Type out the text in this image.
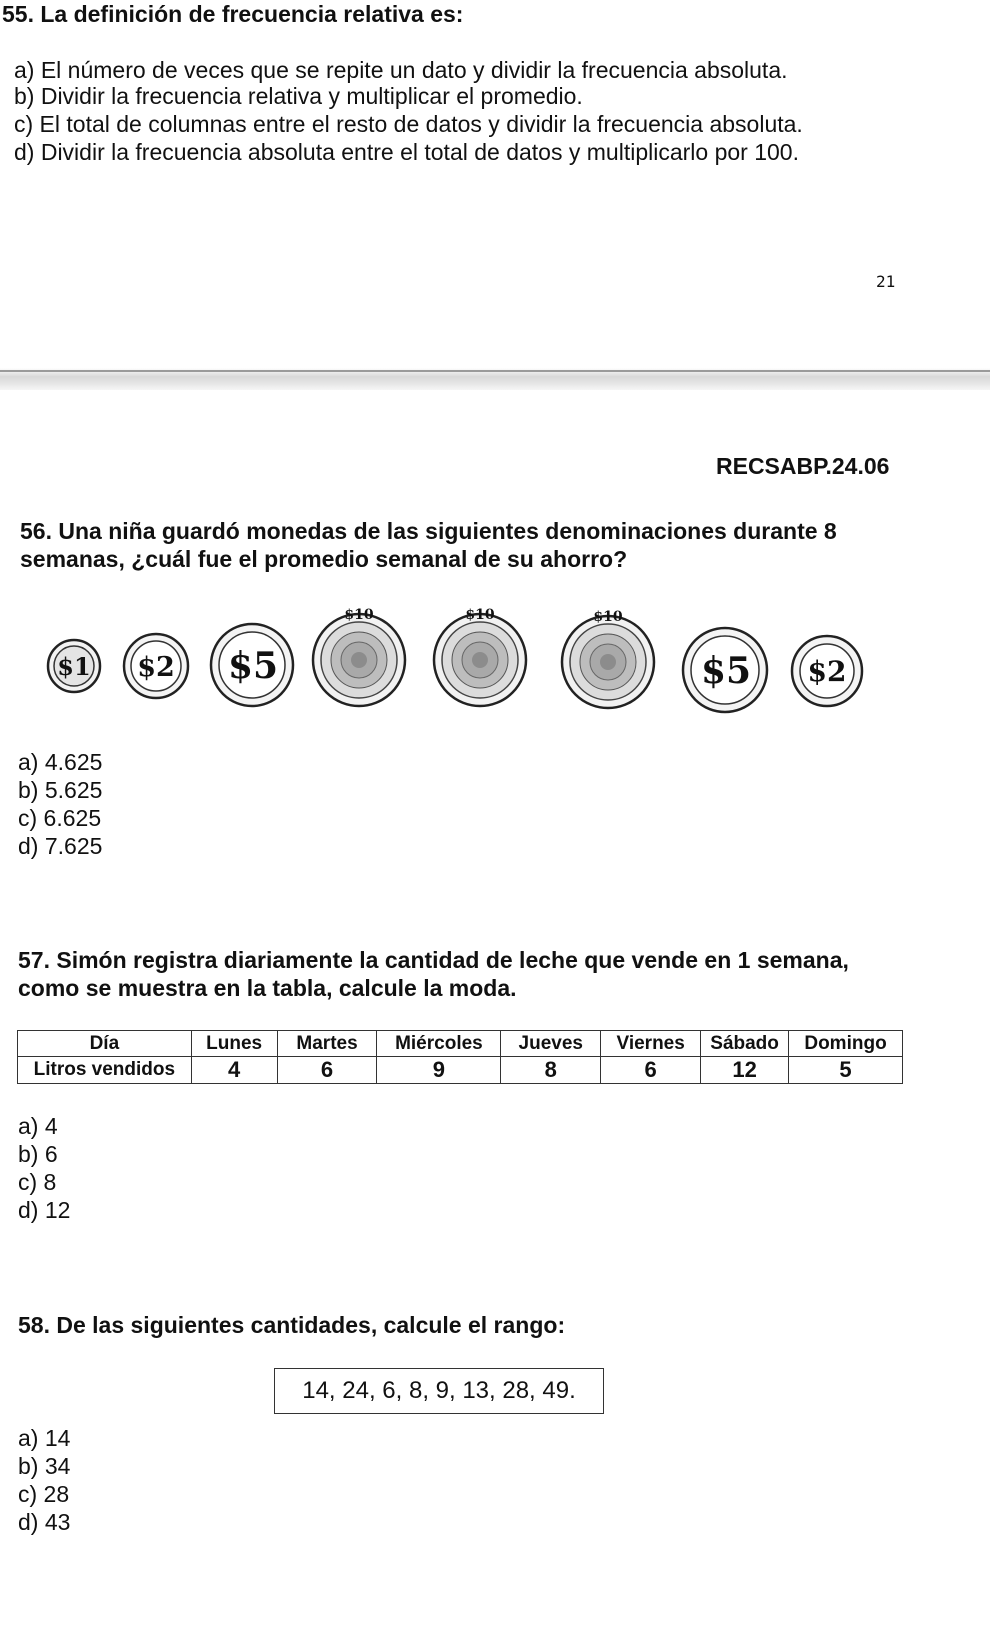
55. La definición de frecuencia relativa es:
a) El número de veces que se repite un dato y dividir la frecuencia absoluta.
b) Dividir la frecuencia relativa y multiplicar el promedio.
c) El total de columnas entre el resto de datos y dividir la frecuencia absoluta.
d) Dividir la frecuencia absoluta entre el total de datos y multiplicarlo por 100.
21
RECSABP.24.06
56. Una niña guardó monedas de las siguientes denominaciones durante 8
semanas, ¿cuál fue el promedio semanal de su ahorro?
$1 $2 $5
$10	$10	$10
$5 $2
a) 4.625
b) 5.625
c) 6.625
d) 7.625
57. Simón registra diariamente la cantidad de leche que vende en 1 semana,
como se muestra en la tabla, calcule la moda.
Día	Lunes	Martes	Miércoles	Jueves	Viernes	Sábado	Domingo
Litros vendidos	4	6	9	8	6	12	5
a) 4
b) 6
c) 8
d) 12
58. De las siguientes cantidades, calcule el rango:
14, 24, 6, 8, 9, 13, 28, 49.
a) 14
b) 34
c) 28
d) 43
